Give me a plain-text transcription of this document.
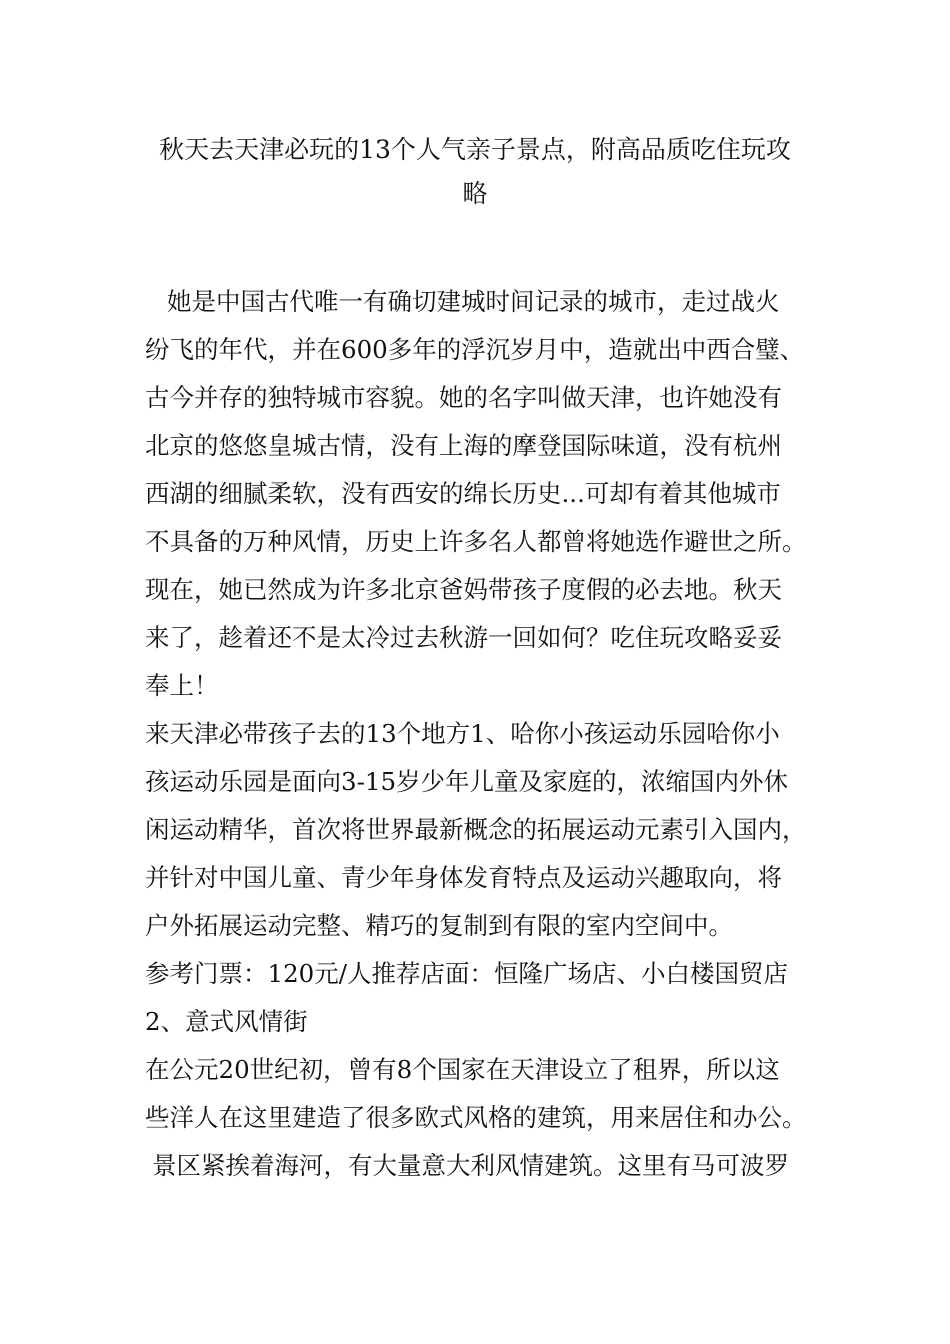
秋天去天津必玩的13个人气亲子景点，附高品质吃住玩攻
略
她是中国古代唯一有确切建城时间记录的城市，走过战火
纷飞的年代，并在600多年的浮沉岁月中，造就出中西合璧、
古今并存的独特城市容貌。她的名字叫做天津，也许她没有
北京的悠悠皇城古情，没有上海的摩登国际味道，没有杭州
西湖的细腻柔软，没有西安的绵长历史...可却有着其他城市
不具备的万种风情，历史上许多名人都曾将她选作避世之所。
现在，她已然成为许多北京爸妈带孩子度假的必去地。秋天
来了，趁着还不是太冷过去秋游一回如何？吃住玩攻略妥妥
奉上！
来天津必带孩子去的13个地方1、哈你小孩运动乐园哈你小
孩运动乐园是面向3-15岁少年儿童及家庭的，浓缩国内外休
闲运动精华，首次将世界最新概念的拓展运动元素引入国内，
并针对中国儿童、青少年身体发育特点及运动兴趣取向，将
户外拓展运动完整、精巧的复制到有限的室内空间中。
参考门票：120元/人推荐店面：恒隆广场店、小白楼国贸店
2、意式风情街
在公元20世纪初，曾有8个国家在天津设立了租界，所以这
些洋人在这里建造了很多欧式风格的建筑，用来居住和办公。
景区紧挨着海河，有大量意大利风情建筑。这里有马可波罗
